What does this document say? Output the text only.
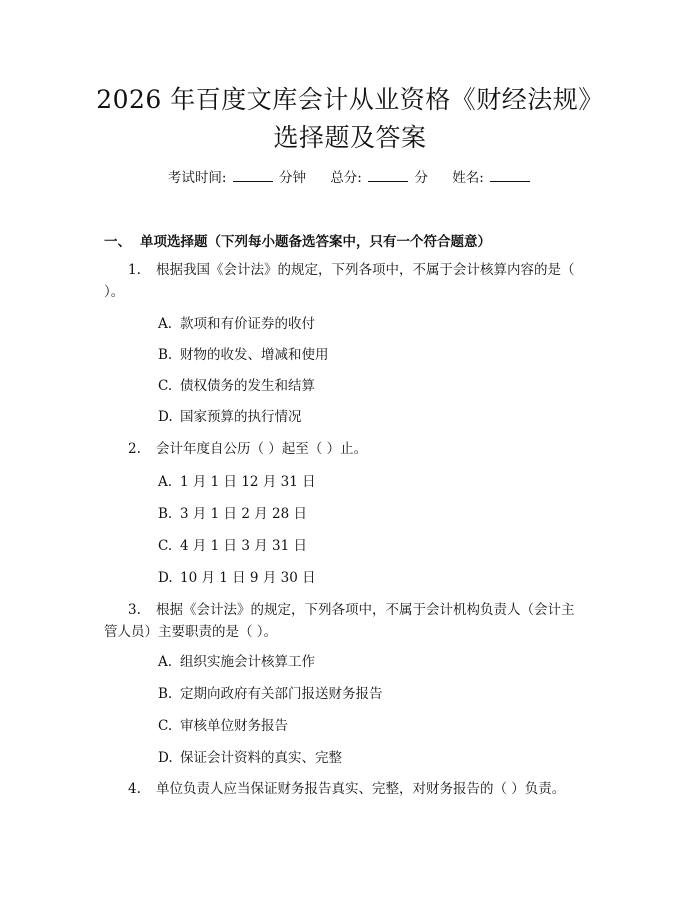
2026 年百度文库会计从业资格《财经法规》
选择题及答案
考试时间:	分钟 总分:	分 姓名:
一、 单项选择题（下列每小题备选答案中，只有一个符合题意）
1. 根据我国《会计法》的规定，下列各项中，不属于会计核算内容的是（ ）。
A. 款项和有价证券的收付
B. 财物的收发、增减和使用
C. 债权债务的发生和结算
D. 国家预算的执行情况
2. 会计年度自公历（ ）起至（ ）止。
A. 1 月 1 日 12 月 31 日
B. 3 月 1 日 2 月 28 日
C. 4 月 1 日 3 月 31 日
D. 10 月 1 日 9 月 30 日
3. 根据《会计法》的规定，下列各项中，不属于会计机构负责人（会计主管人员）主要职责的是（ ）。
A. 组织实施会计核算工作
B. 定期向政府有关部门报送财务报告
C. 审核单位财务报告
D. 保证会计资料的真实、完整
4. 单位负责人应当保证财务报告真实、完整，对财务报告的（ ）负责。
